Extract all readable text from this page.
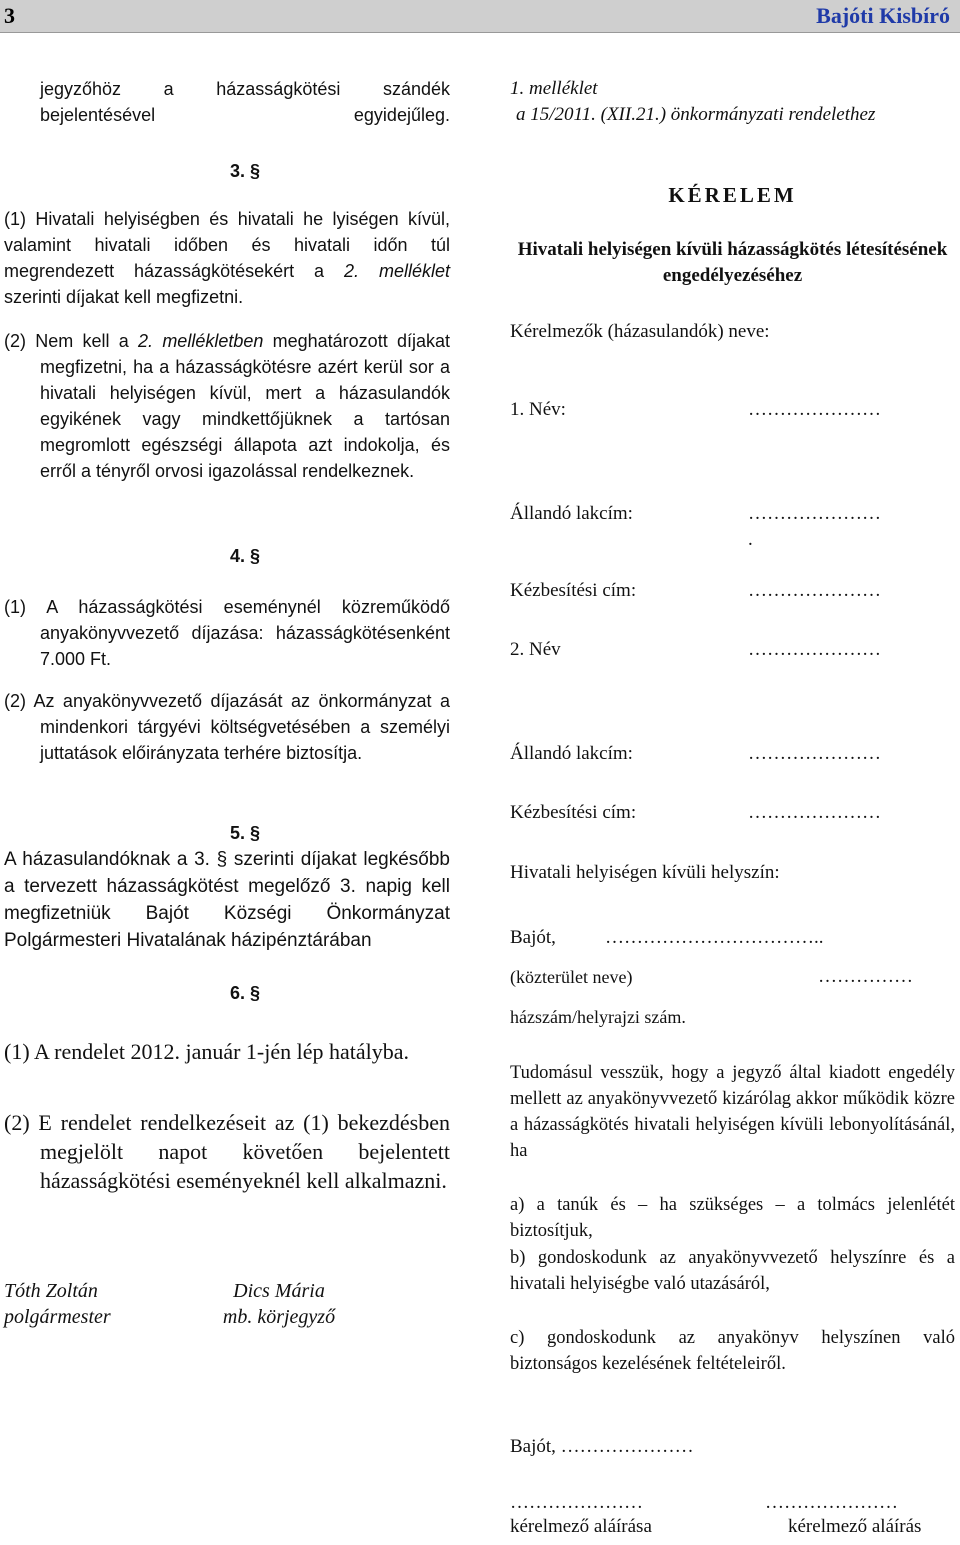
3	Bajóti Kisbíró

jegyzőhöz a házasságkötési szándék bejelentésével egyidejűleg.

3. §

(1) Hivatali helyiségben és hivatali he lyiségen kívül, valamint hivatali időben és hivatali időn túl megrendezett házasságkötésekért a 2. melléklet szerinti díjakat kell megfizetni.

(2) Nem kell a 2. mellékletben meghatározott díjakat megfizetni, ha a házasságkötésre azért kerül sor a hivatali helyiségen kívül, mert a házasulandók egyikének vagy mindkettőjüknek a tartósan megromlott egészségi állapota azt indokolja, és erről a tényről orvosi igazolással rendelkeznek.

4. §

(1) A házasságkötési eseménynél közreműködő anyakönyvvezető díjazása: házasságkötésenként 7.000 Ft.

(2) Az anyakönyvvezető díjazását az önkormányzat a mindenkori tárgyévi költségvetésében a személyi juttatások előirányzata terhére biztosítja.

5. §

A házasulandóknak a 3. § szerinti díjakat legkésőbb a tervezett házasságkötést megelőző 3. napig kell megfizetniük Bajót Községi Önkormányzat Polgármesteri Hivatalának házipénztárában

6. §

(1) A rendelet 2012. január 1-jén lép hatályba.

(2) E rendelet rendelkezéseit az (1) bekezdésben megjelölt napot követően bejelentett házasságkötési eseményeknél kell alkalmazni.

Tóth Zoltán
polgármester
Dics Mária
mb. körjegyző
1. melléklet
a 15/2011. (XII.21.) önkormányzati rendelethez
KÉRELEM
Hivatali helyiségen kívüli házasságkötés létesítésének engedélyezéséhez
Kérelmezők (házasulandók) neve:
1. Név:	…………………
Állandó lakcím:	…………………
.
Kézbesítési cím:	…………………
2. Név	…………………
Állandó lakcím:	…………………
Kézbesítési cím:	…………………
Hivatali helyiségen kívüli helyszín:
Bajót,	……………………………..
(közterület neve)	……………
házszám/helyrajzi szám.

Tudomásul vesszük, hogy a jegyző által kiadott engedély mellett az anyakönyvvezető kizárólag akkor működik közre a házasságkötés hivatali helyiségen kívüli lebonyolításánál, ha

a) a tanúk és – ha szükséges – a tolmács jelenlétét biztosítjuk,

b) gondoskodunk az anyakönyvvezető helyszínre és a hivatali helyiségbe való utazásáról,

c) gondoskodunk az anyakönyv helyszínen való biztonságos kezelésének feltételeiről.

Bajót, …………………
…………………	…………………
kérelmező aláírása	kérelmező aláírás
